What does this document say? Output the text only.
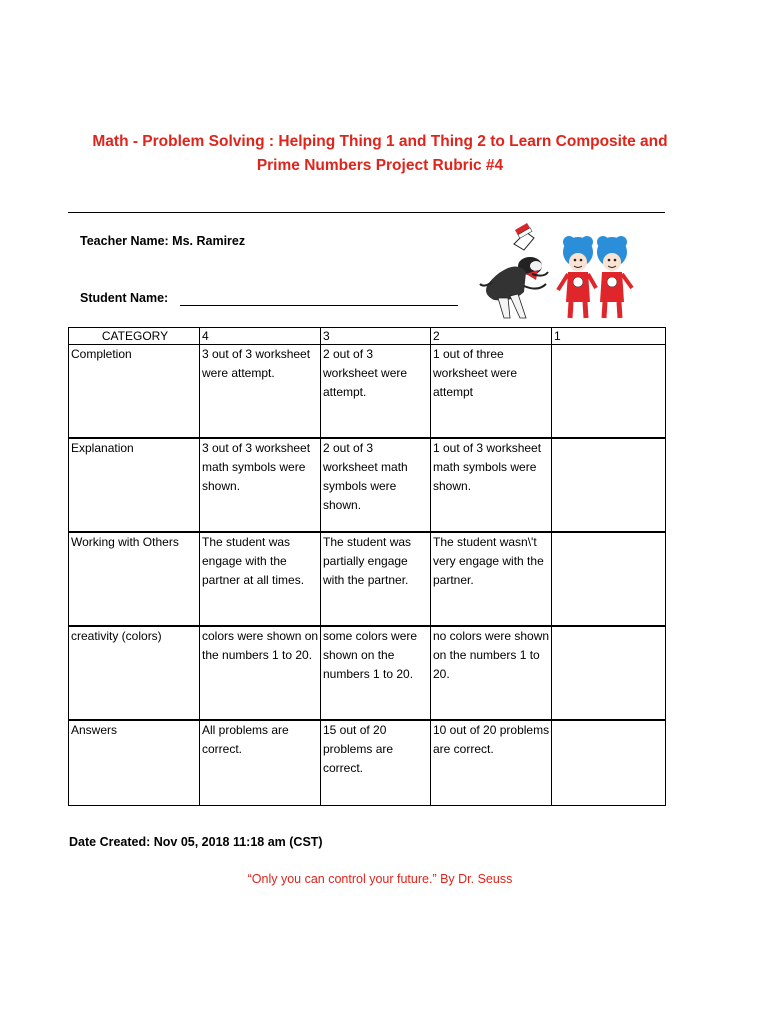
Math - Problem Solving : Helping Thing 1 and Thing 2 to Learn Composite and
Prime Numbers Project Rubric #4
Teacher Name: Ms. Ramirez
Student Name:
CATEGORY	4	3	2	1
Completion	3 out of 3 worksheet were attempt.	2 out of 3 worksheet were attempt.	1 out of three worksheet were attempt	
Explanation	3 out of 3 worksheet math symbols were shown.	2 out of 3 worksheet math symbols were shown.	1 out of 3 worksheet math symbols were shown.	
Working with Others	The student was engage with the partner at all times.	The student was partially engage with the partner.	The student wasn\'t very engage with the partner.	
creativity (colors)	colors were shown on the numbers 1 to 20.	some colors were shown on the numbers 1 to 20.	no colors were shown on the numbers 1 to 20.	
Answers	All problems are correct.	15 out of 20 problems are correct.	10 out of 20 problems are correct.	
Date Created: Nov 05, 2018 11:18 am (CST)
“Only you can control your future.” By Dr. Seuss
